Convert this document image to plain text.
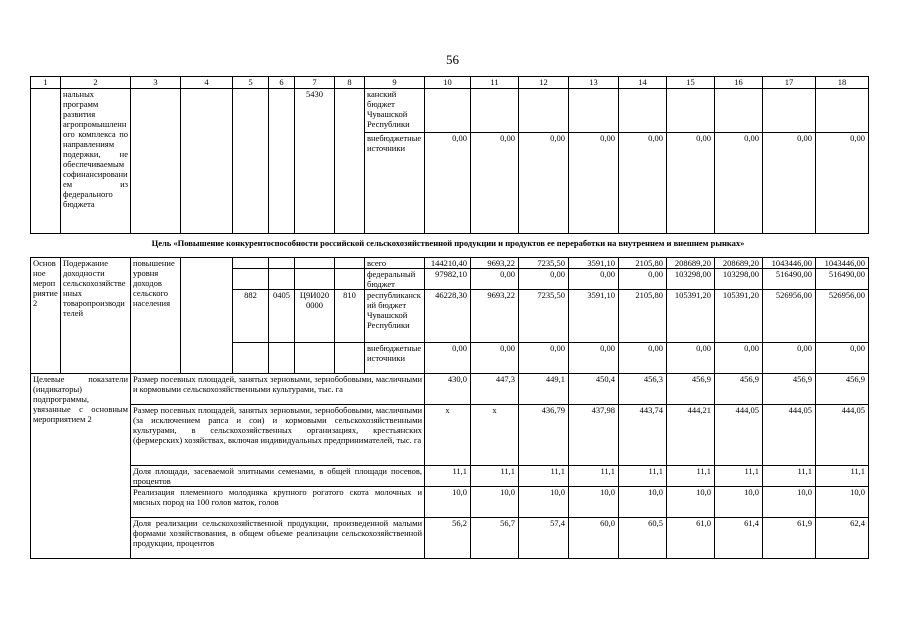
56
1	2	3	4	5	6	7	8	9	10	11	12	13	14	15	16	17	18
	нальных программ развития агропромышленного комплекса по направлениям подержки, не обеспечиваемым софинансированием из федерального бюджета					5430		канский бюджет Чувашской Республики									
								внебюджетные источники	0,00	0,00	0,00	0,00	0,00	0,00	0,00	0,00	0,00
Цель «Повышение конкурентоспособности российской сельскохозяйственной продукции и продуктов ее переработки на внутреннем и внешнем рынках»
Основное мероприятие 2	Подержание доходности сельскохозяйственных товаропроизводителей	повышение уровня доходов сельского населения						всего	144210,40	9693,22	7235,50	3591,10	2105,80	208689,20	208689,20	1043446,00	1043446,00
								федеральный бюджет	97982,10	0,00	0,00	0,00	0,00	103298,00	103298,00	516490,00	516490,00
				882	0405	Ц9И020 0000	810	республиканский бюджет Чувашской Республики	46228,30	9693,22	7235,50	3591,10	2105,80	105391,20	105391,20	526956,00	526956,00
								внебюджетные источники	0,00	0,00	0,00	0,00	0,00	0,00	0,00	0,00	0,00
Целевые показатели (индикаторы) подпрограммы, увязанные с основным мероприятием 2		Размер посевных площадей, занятых зерновыми, зернобобовыми, масличными и кормовыми сельскохозяйственными культурами, тыс. га							430,0	447,3	449,1	450,4	456,3	456,9	456,9	456,9	456,9
		Размер посевных площадей, занятых зерновыми, зернобобовыми, масличными (за исключением рапса и сои) и кормовыми сельскохозяйственными культурами, в сельскохозяйственных организациях, крестьянских (фермерских) хозяйствах, включая индивидуальных предпринимателей, тыс. га							x	x	436,79	437,98	443,74	444,21	444,05	444,05	444,05
		Доля площади, засеваемой элитными семенами, в общей площади посевов, процентов							11,1	11,1	11,1	11,1	11,1	11,1	11,1	11,1	11,1
		Реализация племенного молодняка крупного рогатого скота молочных и мясных пород на 100 голов маток, голов							10,0	10,0	10,0	10,0	10,0	10,0	10,0	10,0	10,0
		Доля реализации сельскохозяйственной продукции, произведенной малыми формами хозяйствования, в общем объеме реализации сельскохозяйственной продукции, процентов							56,2	56,7	57,4	60,0	60,5	61,0	61,4	61,9	62,4
